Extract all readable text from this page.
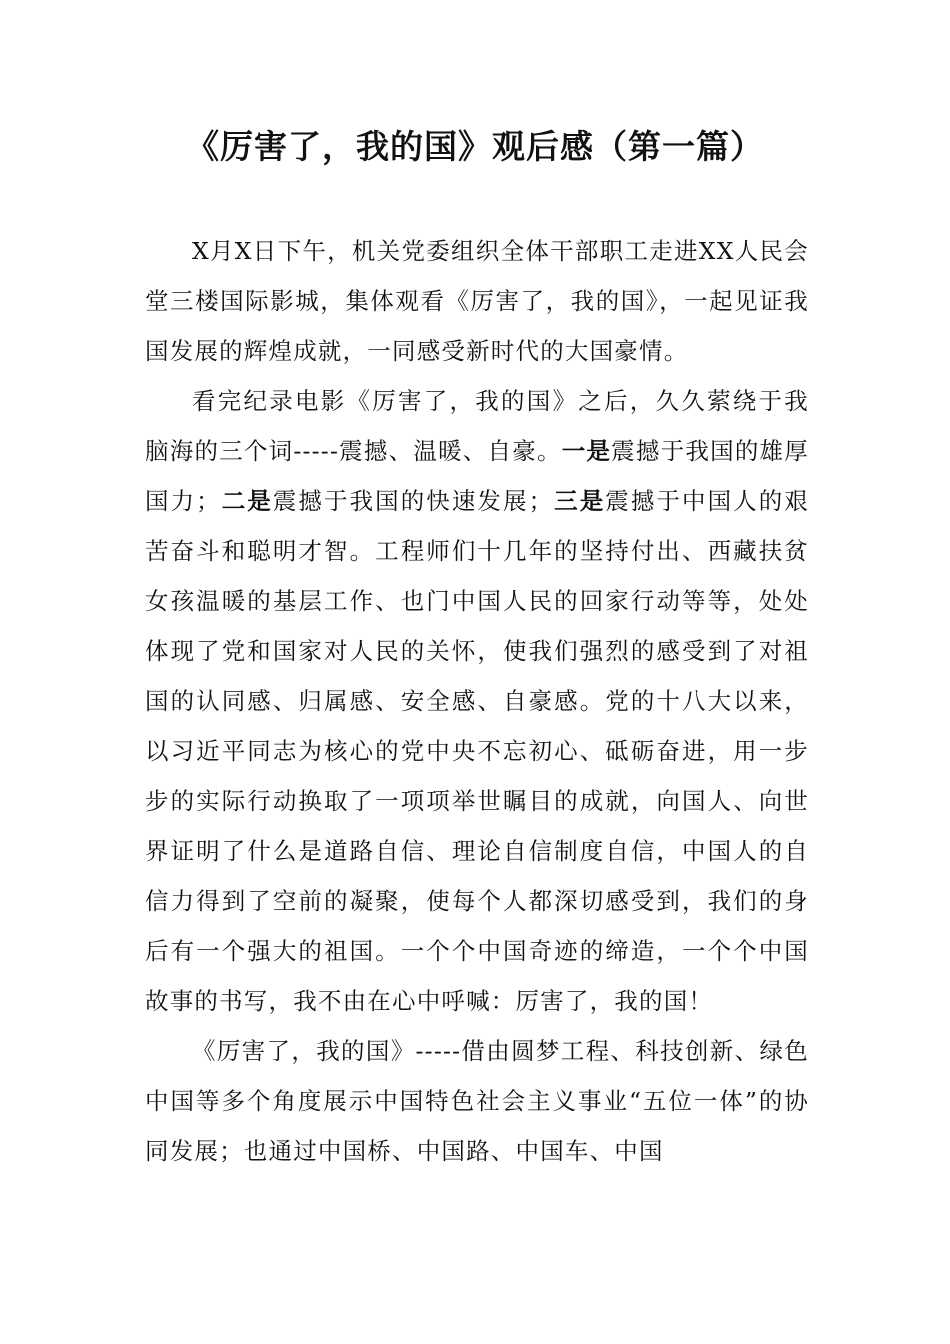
《厉害了，我的国》观后感（第一篇）

X月X日下午，机关党委组织全体干部职工走进XX人民会堂三楼国际影城，集体观看《厉害了，我的国》，一起见证我国发展的辉煌成就，一同感受新时代的大国豪情。

看完纪录电影《厉害了，我的国》之后，久久萦绕于我脑海的三个词-----震撼、温暖、自豪。一是震撼于我国的雄厚国力；二是震撼于我国的快速发展；三是震撼于中国人的艰苦奋斗和聪明才智。工程师们十几年的坚持付出、西藏扶贫女孩温暖的基层工作、也门中国人民的回家行动等等，处处体现了党和国家对人民的关怀，使我们强烈的感受到了对祖国的认同感、归属感、安全感、自豪感。党的十八大以来，以习近平同志为核心的党中央不忘初心、砥砺奋进，用一步步的实际行动换取了一项项举世瞩目的成就，向国人、向世界证明了什么是道路自信、理论自信制度自信，中国人的自信力得到了空前的凝聚，使每个人都深切感受到，我们的身后有一个强大的祖国。一个个中国奇迹的缔造，一个个中国故事的书写，我不由在心中呼喊：厉害了，我的国！

《厉害了，我的国》-----借由圆梦工程、科技创新、绿色中国等多个角度展示中国特色社会主义事业“五位一体”的协同发展；也通过中国桥、中国路、中国车、中国
